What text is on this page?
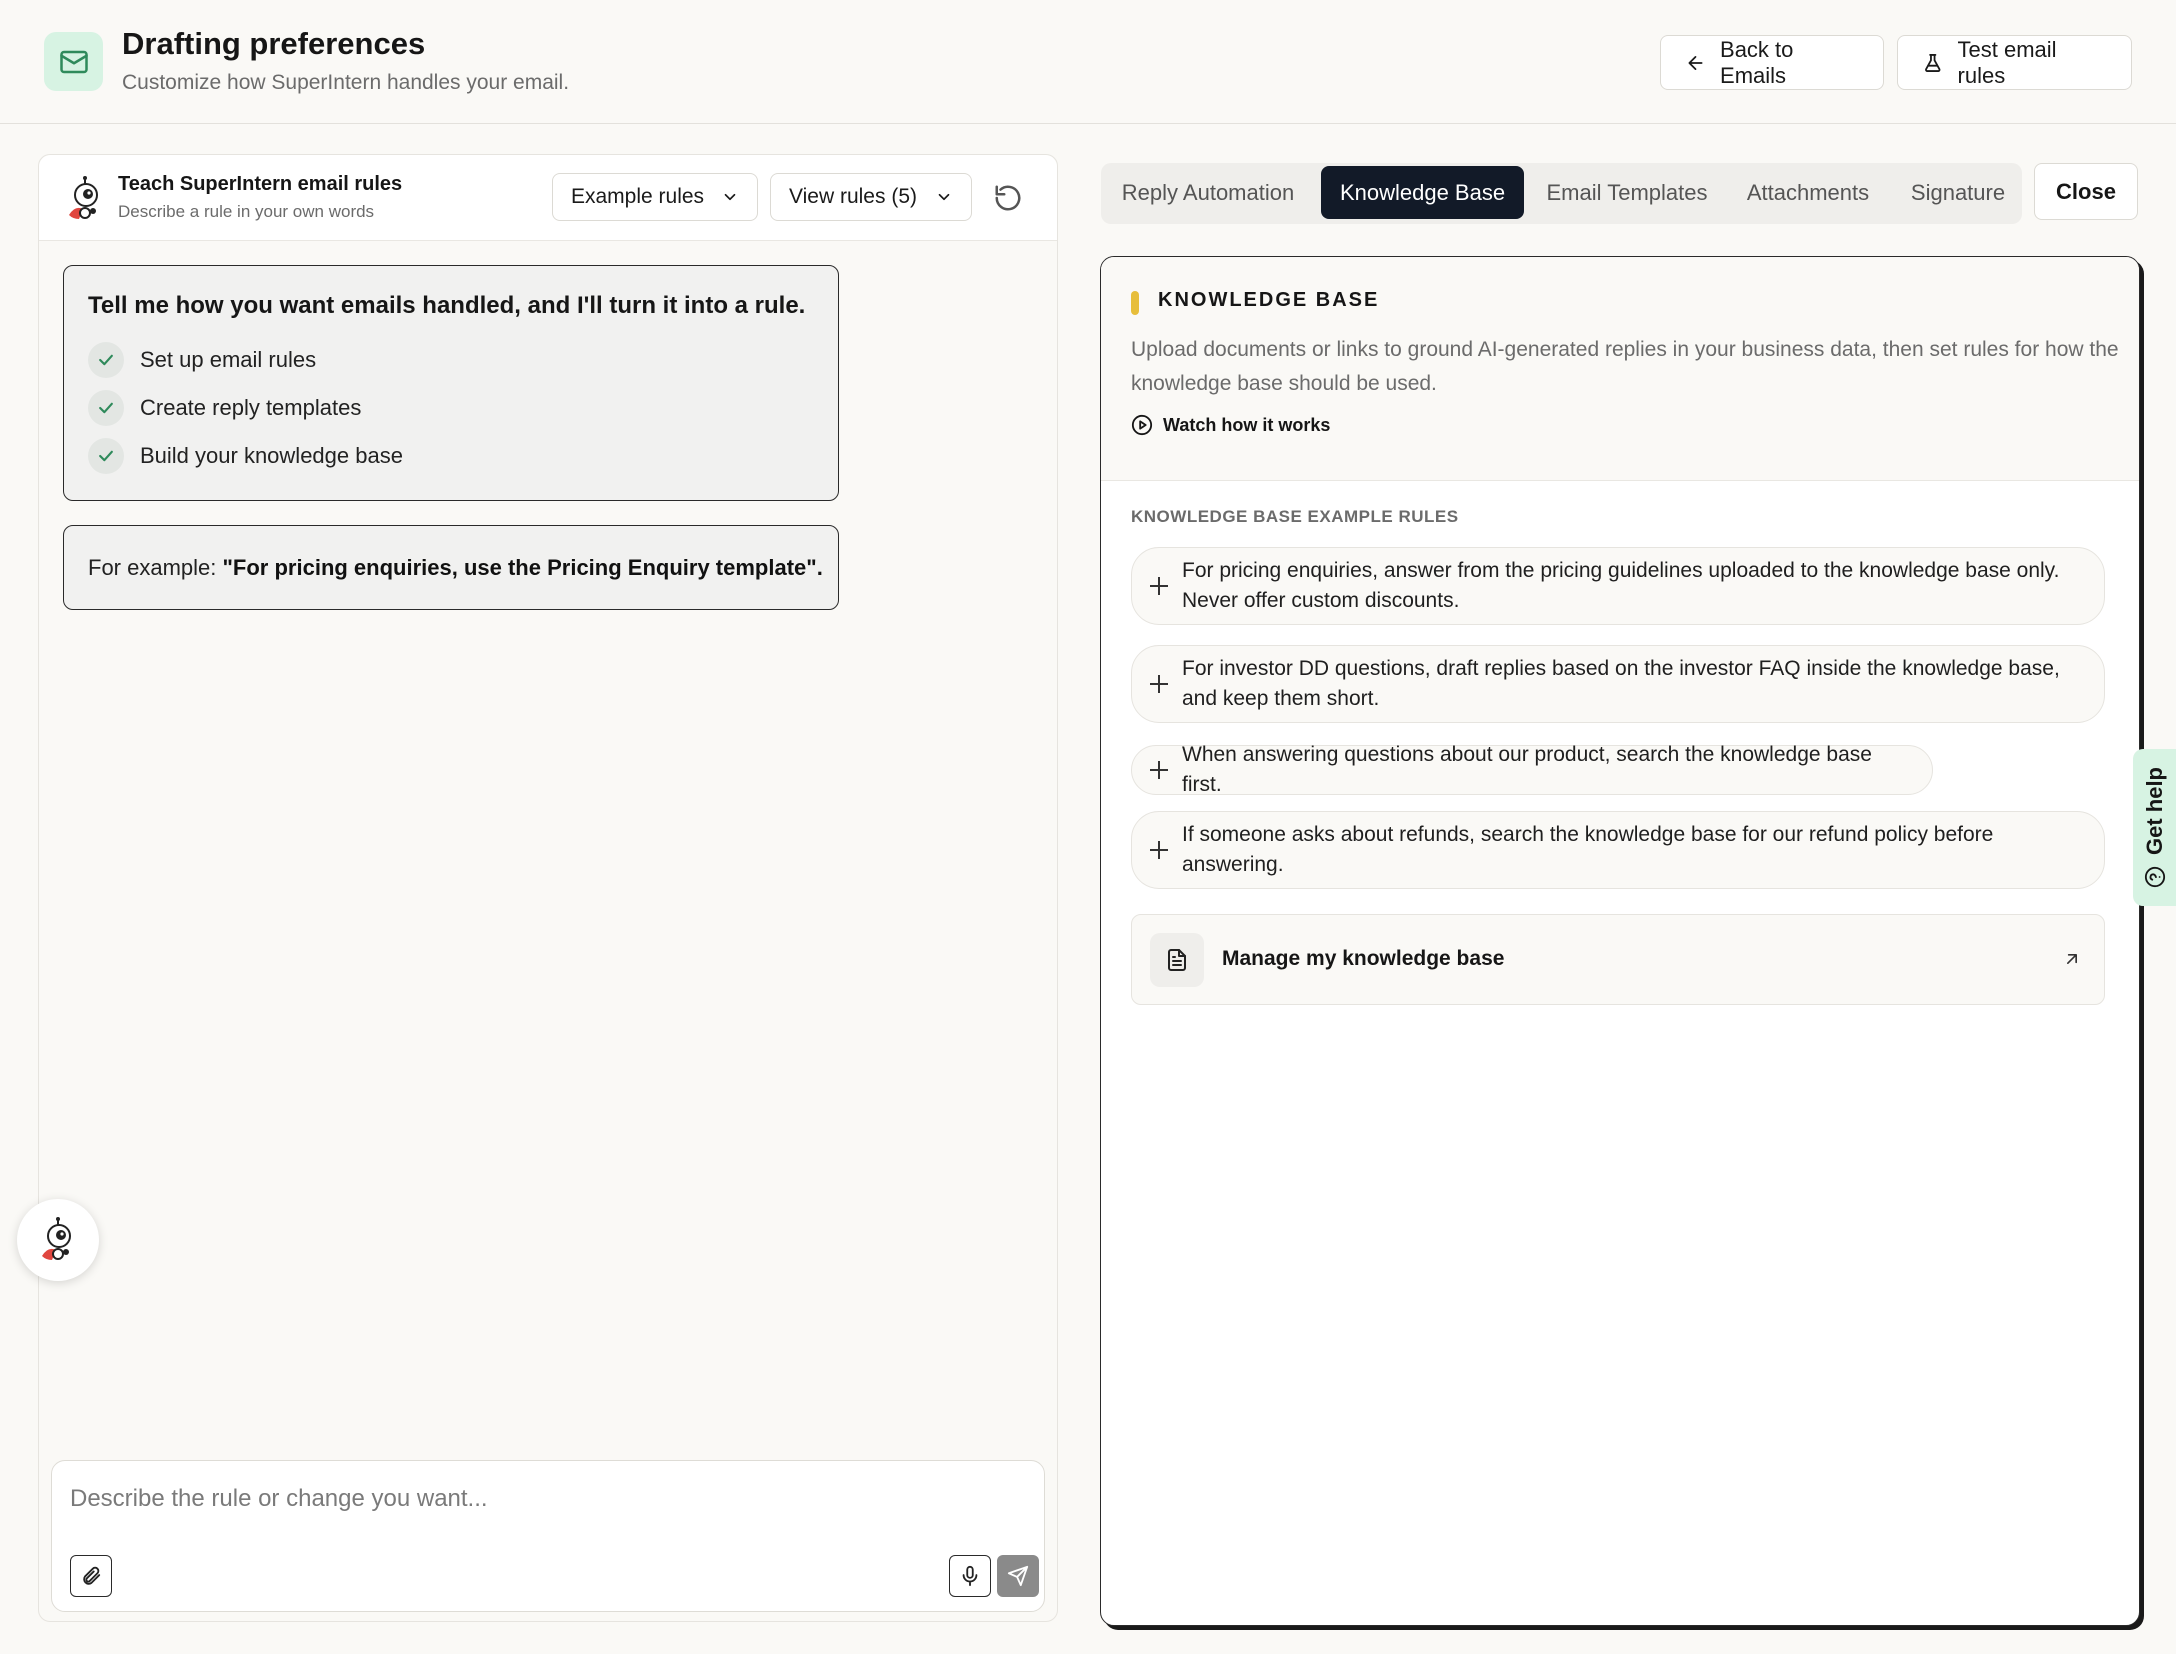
Drafting preferences
Customize how SuperIntern handles your email.
Back to Emails
Test email rules
Teach SuperIntern email rules
Describe a rule in your own words
Example rules	View rules (5)
Tell me how you want emails handled, and I'll turn it into a rule.
Set up email rules
Create reply templates
Build your knowledge base
For example: "For pricing enquiries, use the Pricing Enquiry template".
Describe the rule or change you want...
Reply Automation	Knowledge Base	Email Templates	Attachments	Signature	Close
KNOWLEDGE BASE
Upload documents or links to ground AI-generated replies in your business data, then set rules for how the knowledge base should be used.
Watch how it works
KNOWLEDGE BASE EXAMPLE RULES
For pricing enquiries, answer from the pricing guidelines uploaded to the knowledge base only. Never offer custom discounts.
For investor DD questions, draft replies based on the investor FAQ inside the knowledge base, and keep them short.
When answering questions about our product, search the knowledge base first.
If someone asks about refunds, search the knowledge base for our refund policy before answering.
Manage my knowledge base
Get help
